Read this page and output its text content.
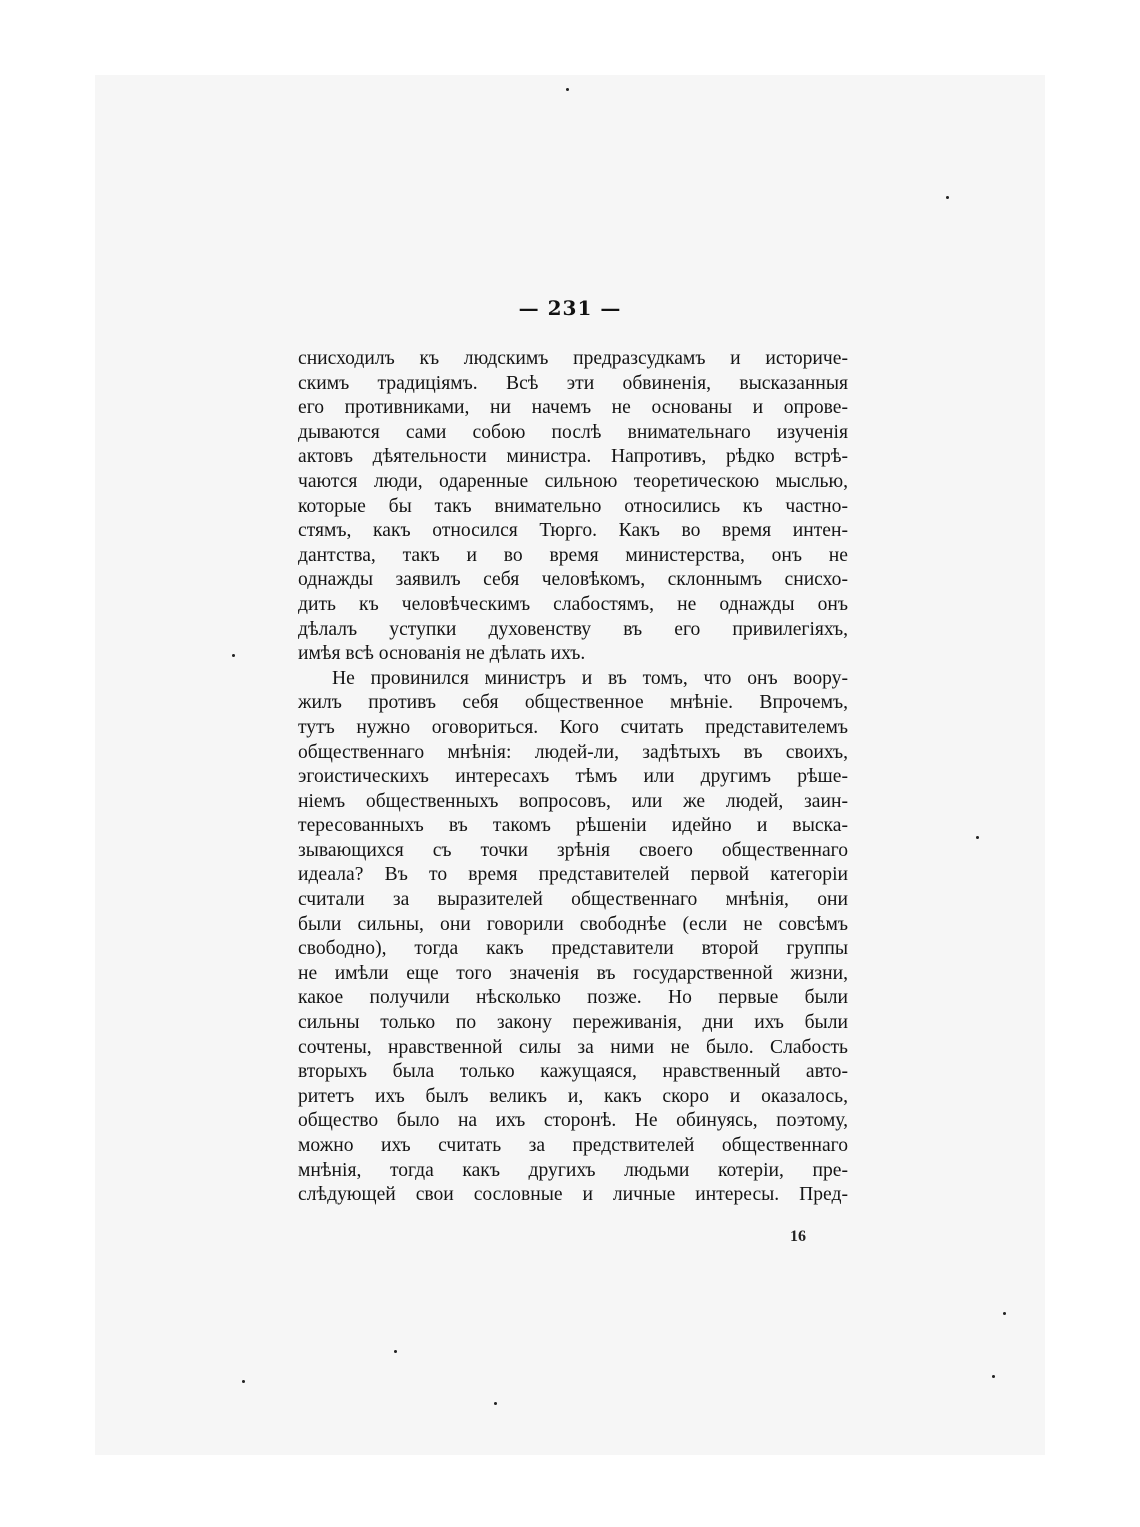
— 231 —
снисходилъ къ людскимъ предразсудкамъ и историче-
скимъ традиціямъ. Всѣ эти обвиненія, высказанныя
его противниками, ни начемъ не основаны и опрове-
дываются сами собою послѣ внимательнаго изученія
актовъ дѣятельности министра. Напротивъ, рѣдко встрѣ-
чаются люди, одаренные сильною теоретическою мыслью,
которые бы такъ внимательно относились къ частно-
стямъ, какъ относился Тюрго. Какъ во время интен-
дантства, такъ и во время министерства, онъ не
однажды заявилъ себя человѣкомъ, склоннымъ снисхо-
дить къ человѣческимъ слабостямъ, не однажды онъ
дѣлалъ уступки духовенству въ его привилегіяхъ,
имѣя всѣ основанія не дѣлать ихъ.
Не провинился министръ и въ томъ, что онъ воору-
жилъ противъ себя общественное мнѣніе. Впрочемъ,
тутъ нужно оговориться. Кого считать представителемъ
общественнаго мнѣнія: людей-ли, задѣтыхъ въ своихъ,
эгоистическихъ интересахъ тѣмъ или другимъ рѣше-
ніемъ общественныхъ вопросовъ, или же людей, заин-
тересованныхъ въ такомъ рѣшеніи идейно и выска-
зывающихся съ точки зрѣнія своего общественнаго
идеала? Въ то время представителей первой категоріи
считали за выразителей общественнаго мнѣнія, они
были сильны, они говорили свободнѣе (если не совсѣмъ
свободно), тогда какъ представители второй группы
не имѣли еще того значенія въ государственной жизни,
какое получили нѣсколько позже. Но первые были
сильны только по закону переживанія, дни ихъ были
сочтены, нравственной силы за ними не было. Слабость
вторыхъ была только кажущаяся, нравственный авто-
ритетъ ихъ былъ великъ и, какъ скоро и оказалось,
общество было на ихъ сторонѣ. Не обинуясь, поэтому,
можно ихъ считать за предствителей общественнаго
мнѣнія, тогда какъ другихъ людьми котеріи, пре-
слѣдующей свои сословные и личные интересы. Пред-
16
